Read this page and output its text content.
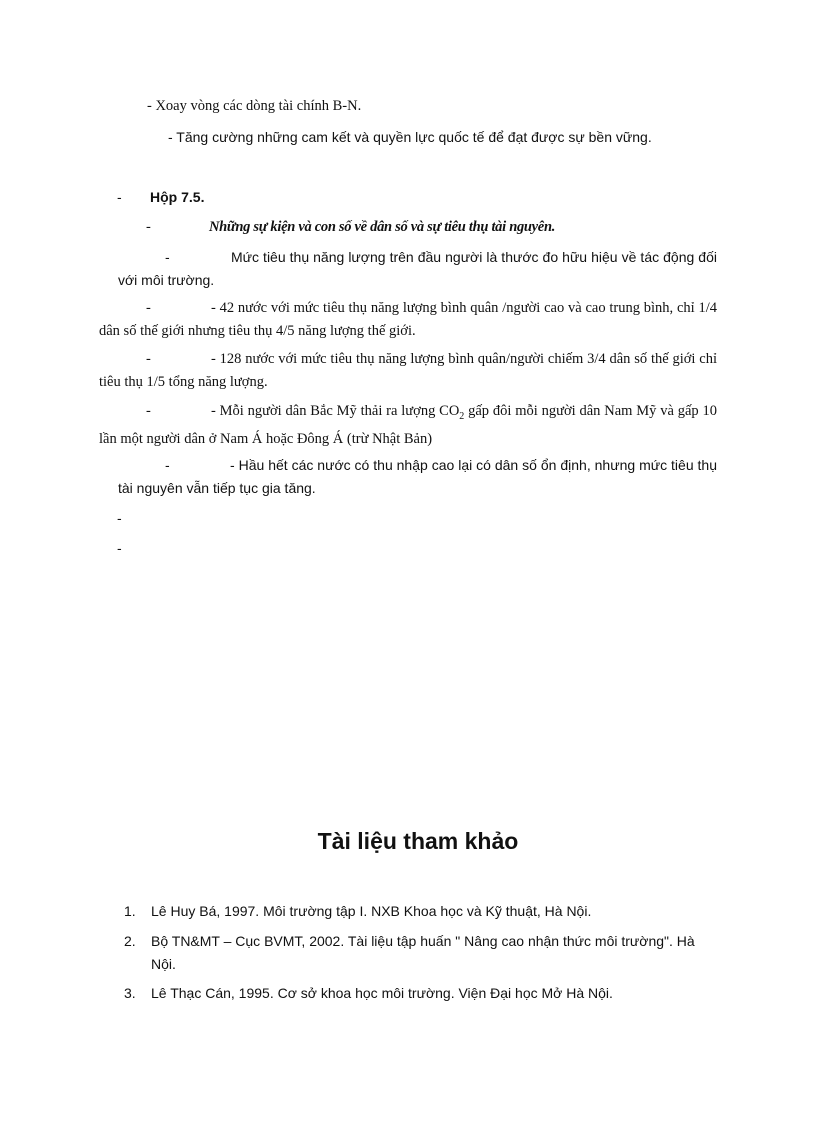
- Xoay vòng các dòng tài chính B-N.
- Tăng cường những cam kết và quyền lực quốc tế để đạt được sự bền vững.
- Hộp 7.5.
-	Những sự kiện và con số về dân số và sự tiêu thụ tài nguyên.
-	Mức tiêu thụ năng lượng trên đầu người là thước đo hữu hiệu về tác động đối với môi trường.
-	- 42 nước với mức tiêu thụ năng lượng bình quân /người cao và cao trung bình, chỉ 1/4 dân số thế giới nhưng tiêu thụ 4/5 năng lượng thế giới.
-	- 128 nước với mức tiêu thụ năng lượng bình quân/người chiếm 3/4 dân số thế giới chỉ tiêu thụ 1/5 tổng năng lượng.
-	- Mỗi người dân Bắc Mỹ thải ra lượng $CO_2$ gấp đôi mỗi người dân Nam Mỹ và gấp 10 lần một người dân ở Nam Á hoặc Đông Á (trừ Nhật Bản)
-	- Hầu hết các nước có thu nhập cao lại có dân số ổn định, nhưng mức tiêu thụ tài nguyên vẫn tiếp tục gia tăng.
-
-
Tài liệu tham khảo
1. Lê Huy Bá, 1997. Môi trường tập I. NXB Khoa học và Kỹ thuật, Hà Nội.
2. Bộ TN&MT – Cục BVMT, 2002. Tài liệu tập huấn " Nâng cao nhận thức môi trường". Hà Nội.
3. Lê Thạc Cán, 1995. Cơ sở khoa học môi trường. Viện Đại học Mở Hà Nội.
